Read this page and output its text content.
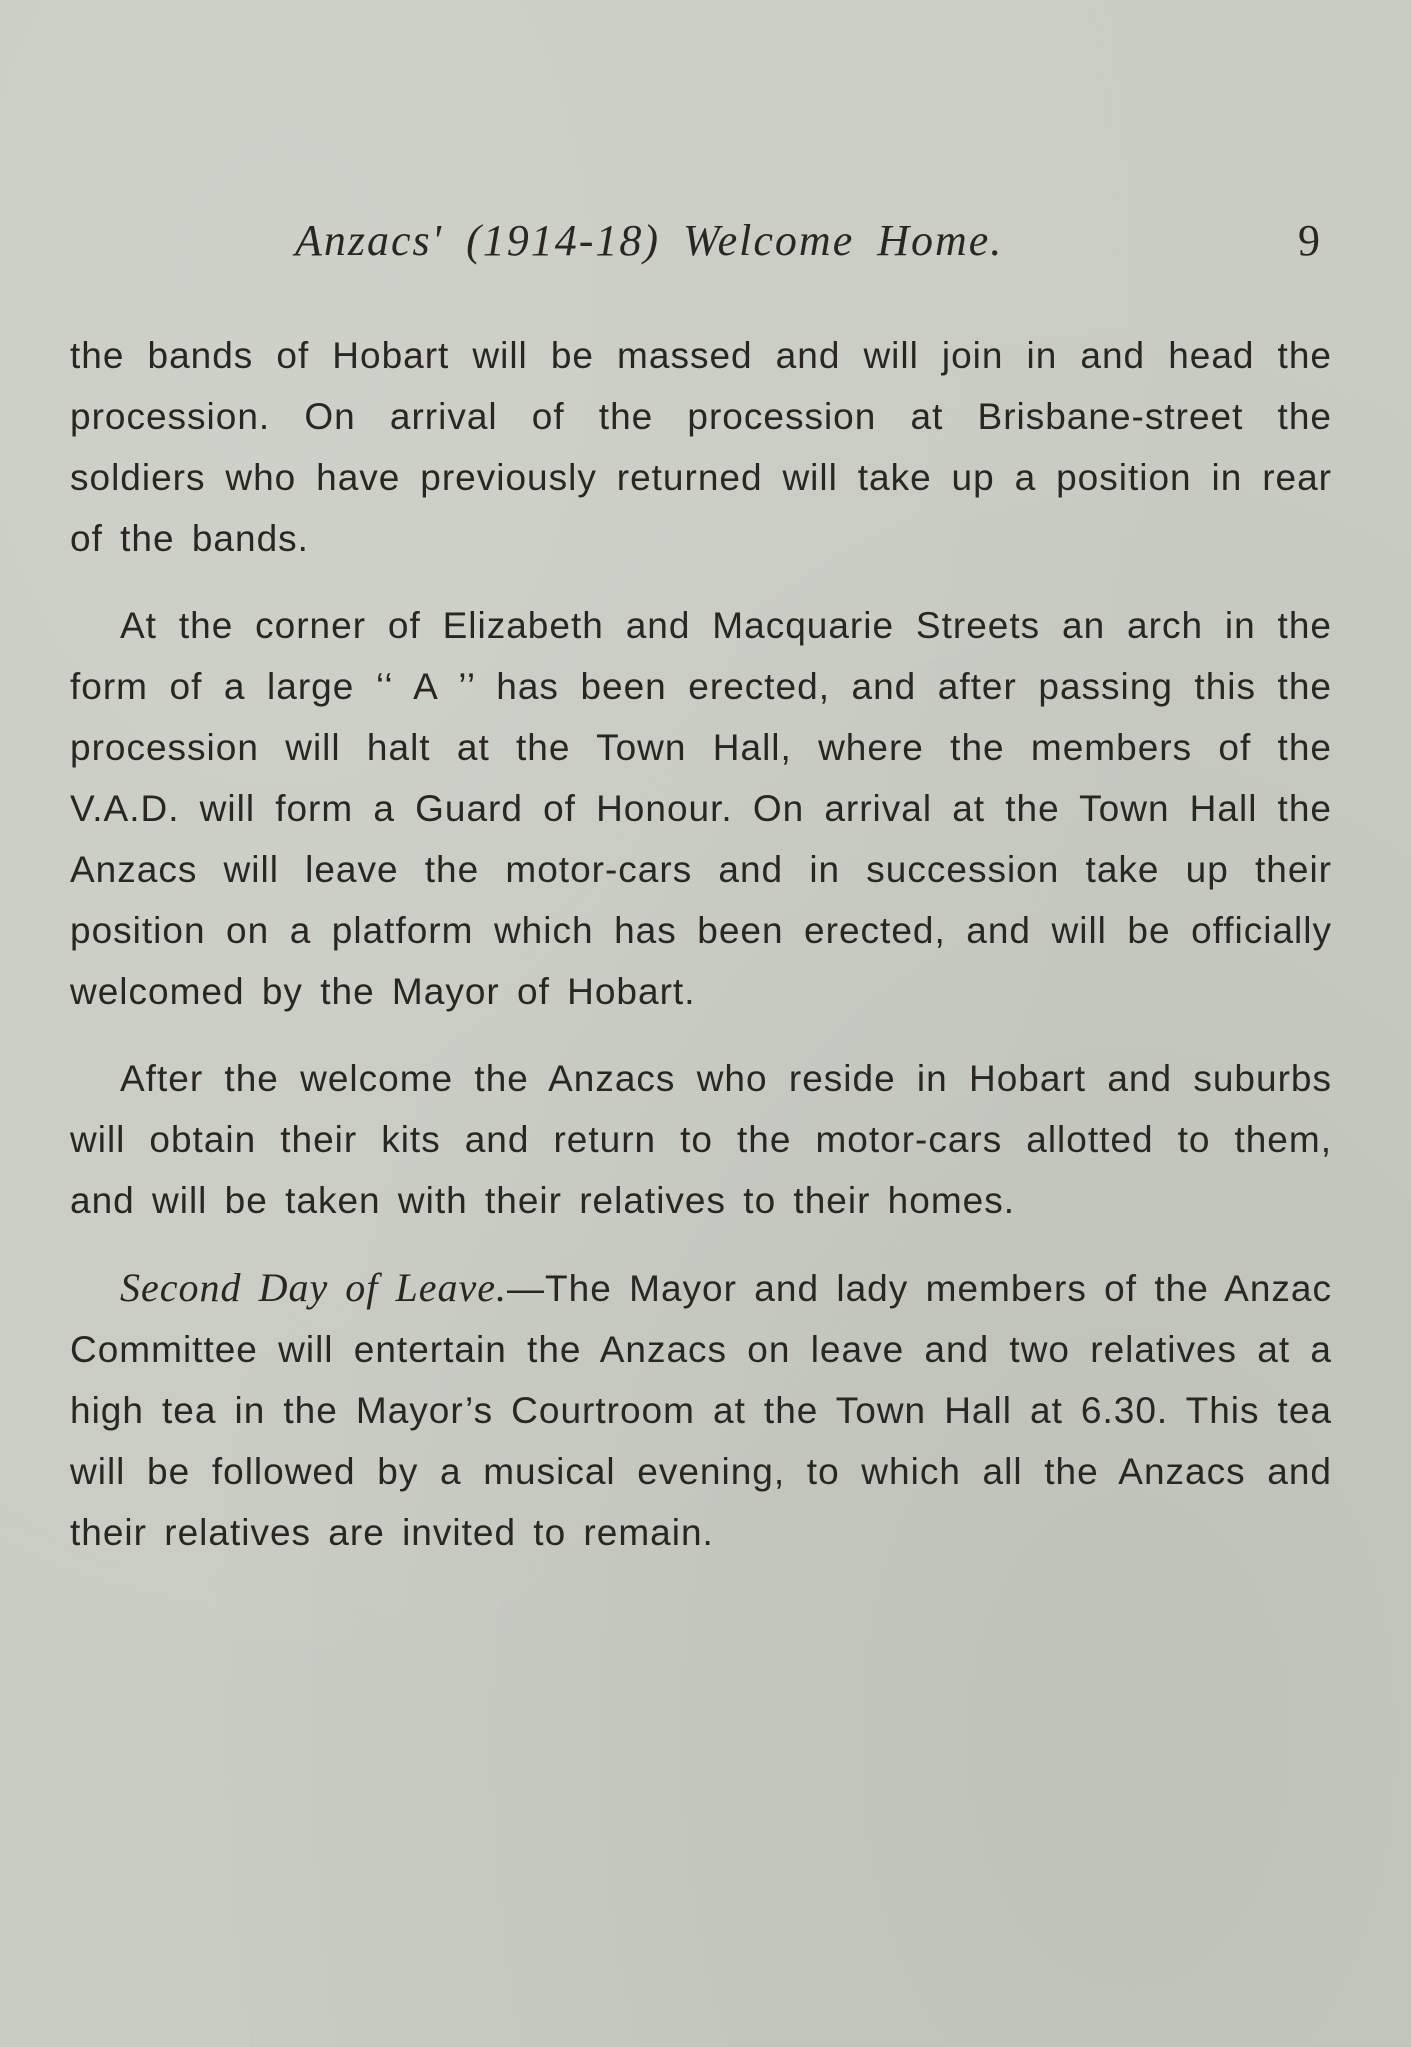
Anzacs' (1914-18) Welcome Home.	9

the bands of Hobart will be massed and will join in and head the procession. On arrival of the procession at Brisbane-street the soldiers who have previously returned will take up a position in rear of the bands.

At the corner of Elizabeth and Macquarie Streets an arch in the form of a large ‘‘ A ’’ has been erected, and after passing this the procession will halt at the Town Hall, where the members of the V.A.D. will form a Guard of Honour. On arrival at the Town Hall the Anzacs will leave the motor-cars and in succession take up their position on a platform which has been erected, and will be officially welcomed by the Mayor of Hobart.

After the welcome the Anzacs who reside in Hobart and suburbs will obtain their kits and return to the motor-cars allotted to them, and will be taken with their relatives to their homes.

Second Day of Leave.—The Mayor and lady members of the Anzac Committee will entertain the Anzacs on leave and two relatives at a high tea in the Mayor’s Courtroom at the Town Hall at 6.30. This tea will be followed by a musical evening, to which all the Anzacs and their relatives are invited to remain.
